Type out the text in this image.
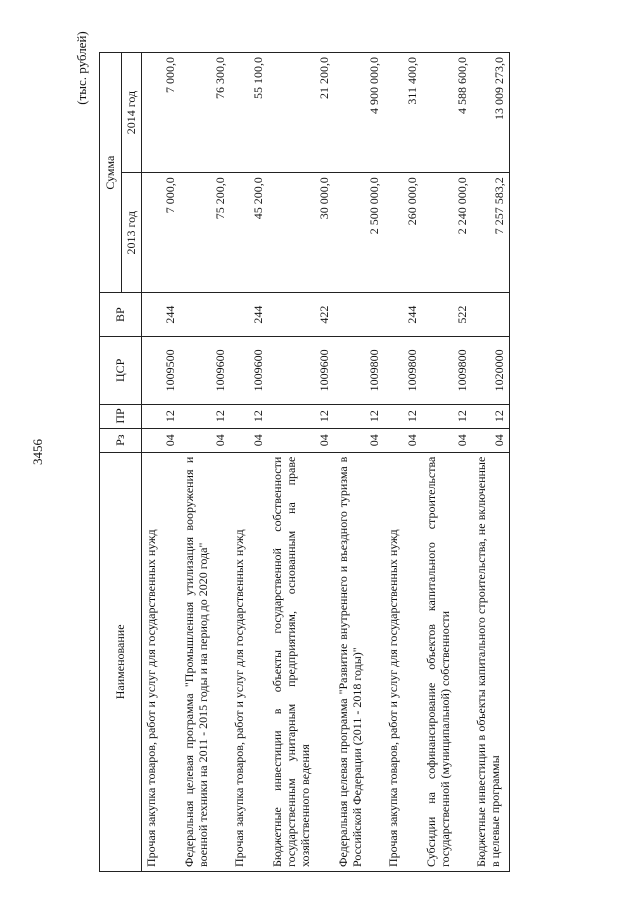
3456
(тыс. рублей)
Наименование	Рз	ПР	ЦСР	ВР	Сумма	
					2013 год	2014 год
Прочая закупка товаров, работ и услуг для государственных нужд	04	12	1009500	244	7 000,0	7 000,0
Федеральная целевая программа "Промышленная утилизация вооружения и военной техники на 2011 - 2015 годы и на период до 2020 года"	04	12	1009600		75 200,0	76 300,0
Прочая закупка товаров, работ и услуг для государственных нужд	04	12	1009600	244	45 200,0	55 100,0
Бюджетные инвестиции в объекты государственной собственности государственным унитарным предприятиям, основанным на праве хозяйственного ведения	04	12	1009600	422	30 000,0	21 200,0
Федеральная целевая программа "Развитие внутреннего и въездного туризма в Российской Федерации (2011 - 2018 годы)"	04	12	1009800		2 500 000,0	4 900 000,0
Прочая закупка товаров, работ и услуг для государственных нужд	04	12	1009800	244	260 000,0	311 400,0
Субсидии на софинансирование объектов капитального строительства государственной (муниципальной) собственности	04	12	1009800	522	2 240 000,0	4 588 600,0
Бюджетные инвестиции в объекты капитального строительства, не включенные в целевые программы	04	12	1020000		7 257 583,2	13 009 273,0
